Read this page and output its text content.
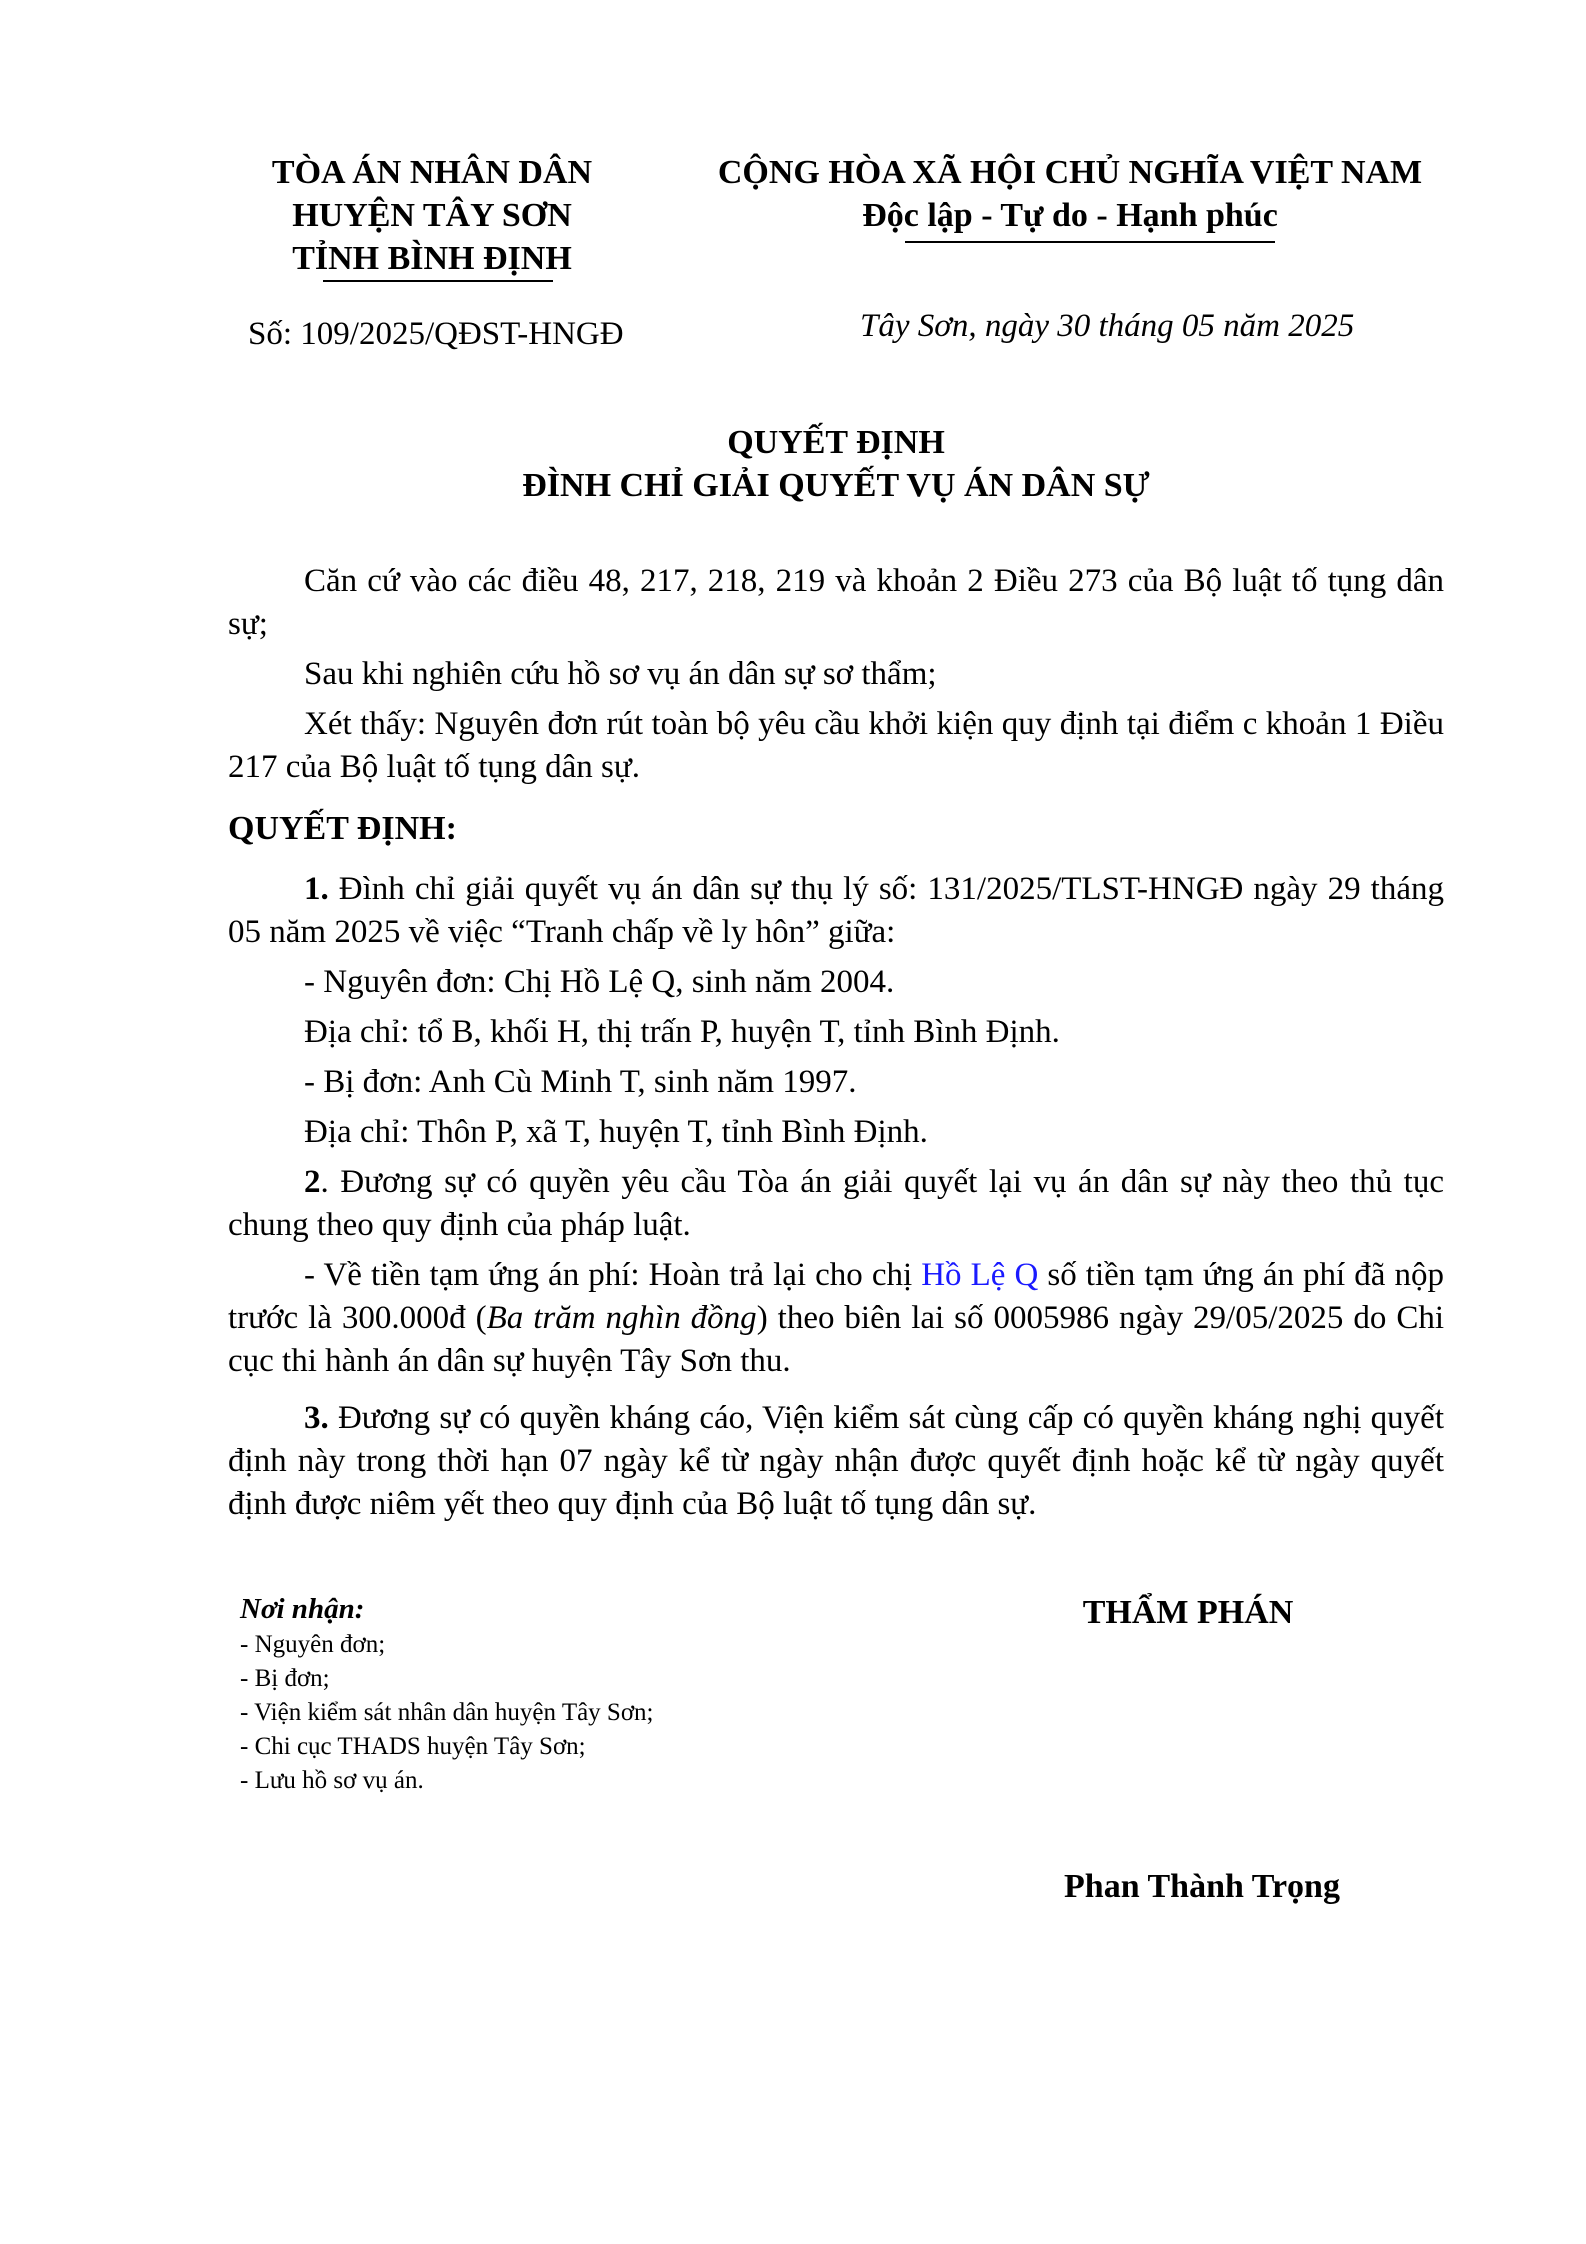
TÒA ÁN NHÂN DÂN
HUYỆN TÂY SƠN
TỈNH BÌNH ĐỊNH
Số: 109/2025/QĐST-HNGĐ
CỘNG HÒA XÃ HỘI CHỦ NGHĨA VIỆT NAM
Độc lập - Tự do - Hạnh phúc
Tây Sơn, ngày 30 tháng 05 năm 2025
QUYẾT ĐỊNH
ĐÌNH CHỈ GIẢI QUYẾT VỤ ÁN DÂN SỰ

Căn cứ vào các điều 48, 217, 218, 219 và khoản 2 Điều 273 của Bộ luật tố tụng dân sự;

Sau khi nghiên cứu hồ sơ vụ án dân sự sơ thẩm;

Xét thấy: Nguyên đơn rút toàn bộ yêu cầu khởi kiện quy định tại điểm c khoản 1 Điều 217 của Bộ luật tố tụng dân sự.

QUYẾT ĐỊNH:

1. Đình chỉ giải quyết vụ án dân sự thụ lý số: 131/2025/TLST-HNGĐ ngày 29 tháng 05 năm 2025 về việc “Tranh chấp về ly hôn” giữa:

- Nguyên đơn: Chị Hồ Lệ Q, sinh năm 2004.

Địa chỉ: tổ B, khối H, thị trấn P, huyện T, tỉnh Bình Định.

- Bị đơn: Anh Cù Minh T, sinh năm 1997.

Địa chỉ: Thôn P, xã T, huyện T, tỉnh Bình Định.

2. Đương sự có quyền yêu cầu Tòa án giải quyết lại vụ án dân sự này theo thủ tục chung theo quy định của pháp luật.

- Về tiền tạm ứng án phí: Hoàn trả lại cho chị Hồ Lệ Q số tiền tạm ứng án phí đã nộp trước là 300.000đ (Ba trăm nghìn đồng) theo biên lai số 0005986 ngày 29/05/2025 do Chi cục thi hành án dân sự huyện Tây Sơn thu.

3. Đương sự có quyền kháng cáo, Viện kiểm sát cùng cấp có quyền kháng nghị quyết định này trong thời hạn 07 ngày kể từ ngày nhận được quyết định hoặc kể từ ngày quyết định được niêm yết theo quy định của Bộ luật tố tụng dân sự.

Nơi nhận:
- Nguyên đơn;
- Bị đơn;
- Viện kiểm sát nhân dân huyện Tây Sơn;
- Chi cục THADS huyện Tây Sơn;
- Lưu hồ sơ vụ án.
THẨM PHÁN
Phan Thành Trọng
